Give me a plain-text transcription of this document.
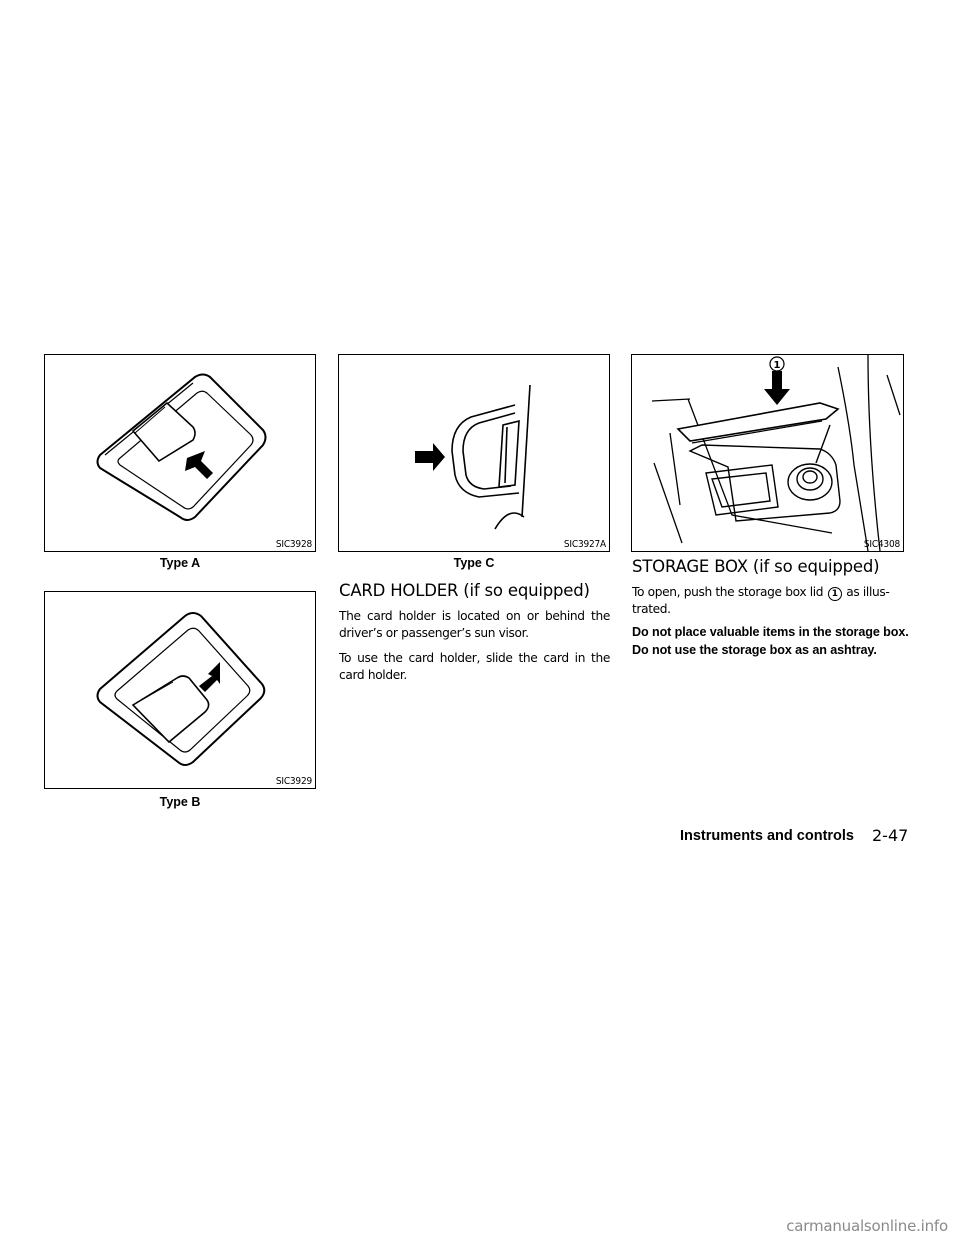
SIC3928
Type A
SIC3929
Type B
SIC3927A
Type C
1
SIC4308
CARD HOLDER (if so equipped)

The card holder is located on or behind the driver’s or passenger’s sun visor.

To use the card holder, slide the card in the card holder.

STORAGE BOX (if so equipped)

To open, push the storage box lid 1 as illus-trated.

Do not place valuable items in the storage box.

Do not use the storage box as an ashtray.

Instruments and controls 2-47
carmanualsonline.info
